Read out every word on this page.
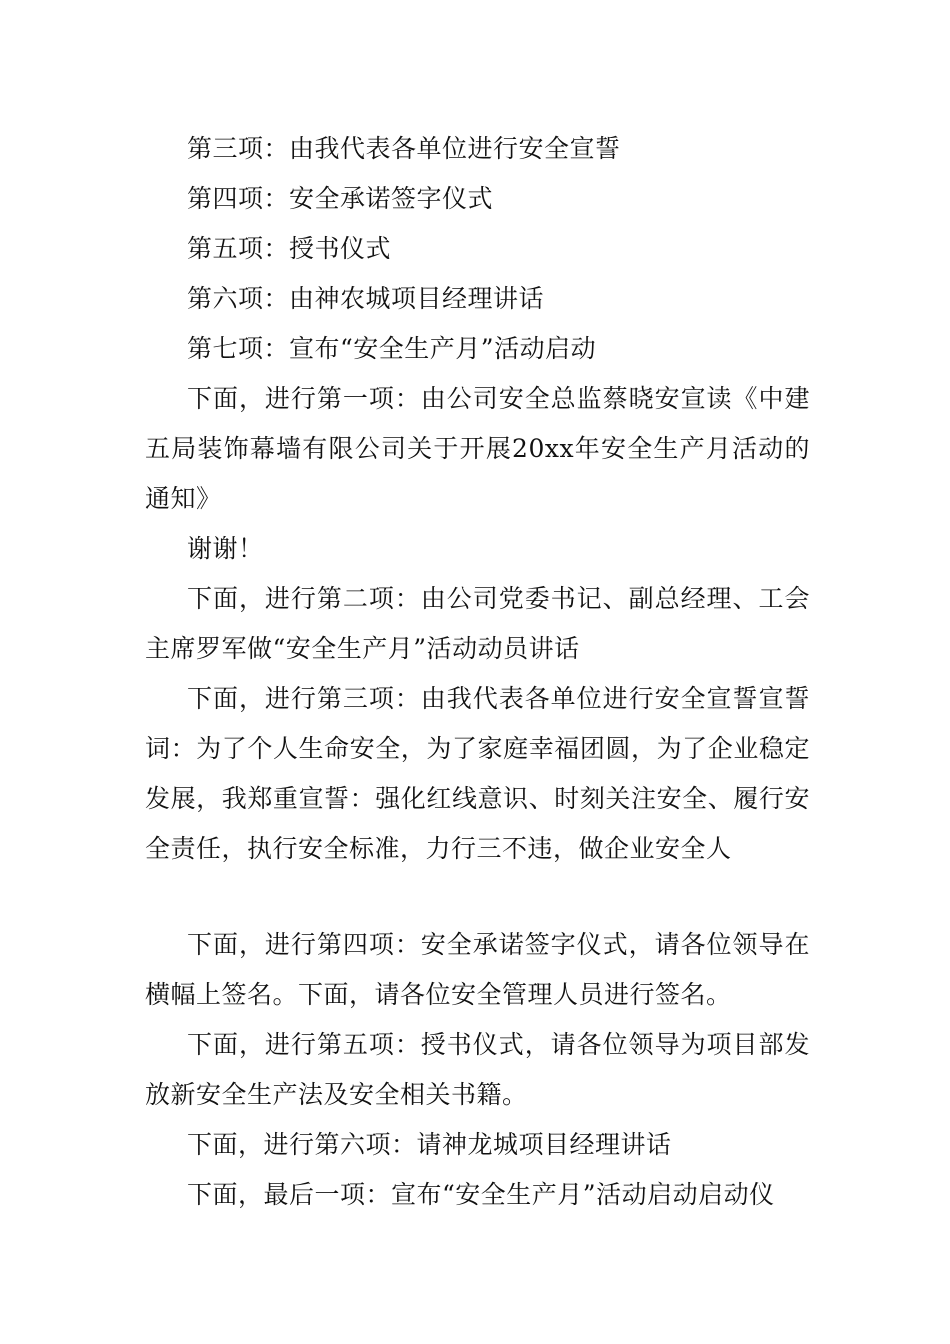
第三项：由我代表各单位进行安全宣誓

第四项：安全承诺签字仪式

第五项：授书仪式

第六项：由神农城项目经理讲话

第七项：宣布“安全生产月”活动启动

下面，进行第一项：由公司安全总监蔡晓安宣读《中建五局装饰幕墙有限公司关于开展20xx年安全生产月活动的通知》

谢谢！

下面，进行第二项：由公司党委书记、副总经理、工会主席罗军做“安全生产月”活动动员讲话

下面，进行第三项：由我代表各单位进行安全宣誓宣誓词：为了个人生命安全，为了家庭幸福团圆，为了企业稳定发展，我郑重宣誓：强化红线意识、时刻关注安全、履行安全责任，执行安全标准，力行三不违，做企业安全人

下面，进行第四项：安全承诺签字仪式，请各位领导在横幅上签名。下面，请各位安全管理人员进行签名。

下面，进行第五项：授书仪式，请各位领导为项目部发放新安全生产法及安全相关书籍。

下面，进行第六项：请神龙城项目经理讲话

下面，最后一项：宣布“安全生产月”活动启动启动仪
